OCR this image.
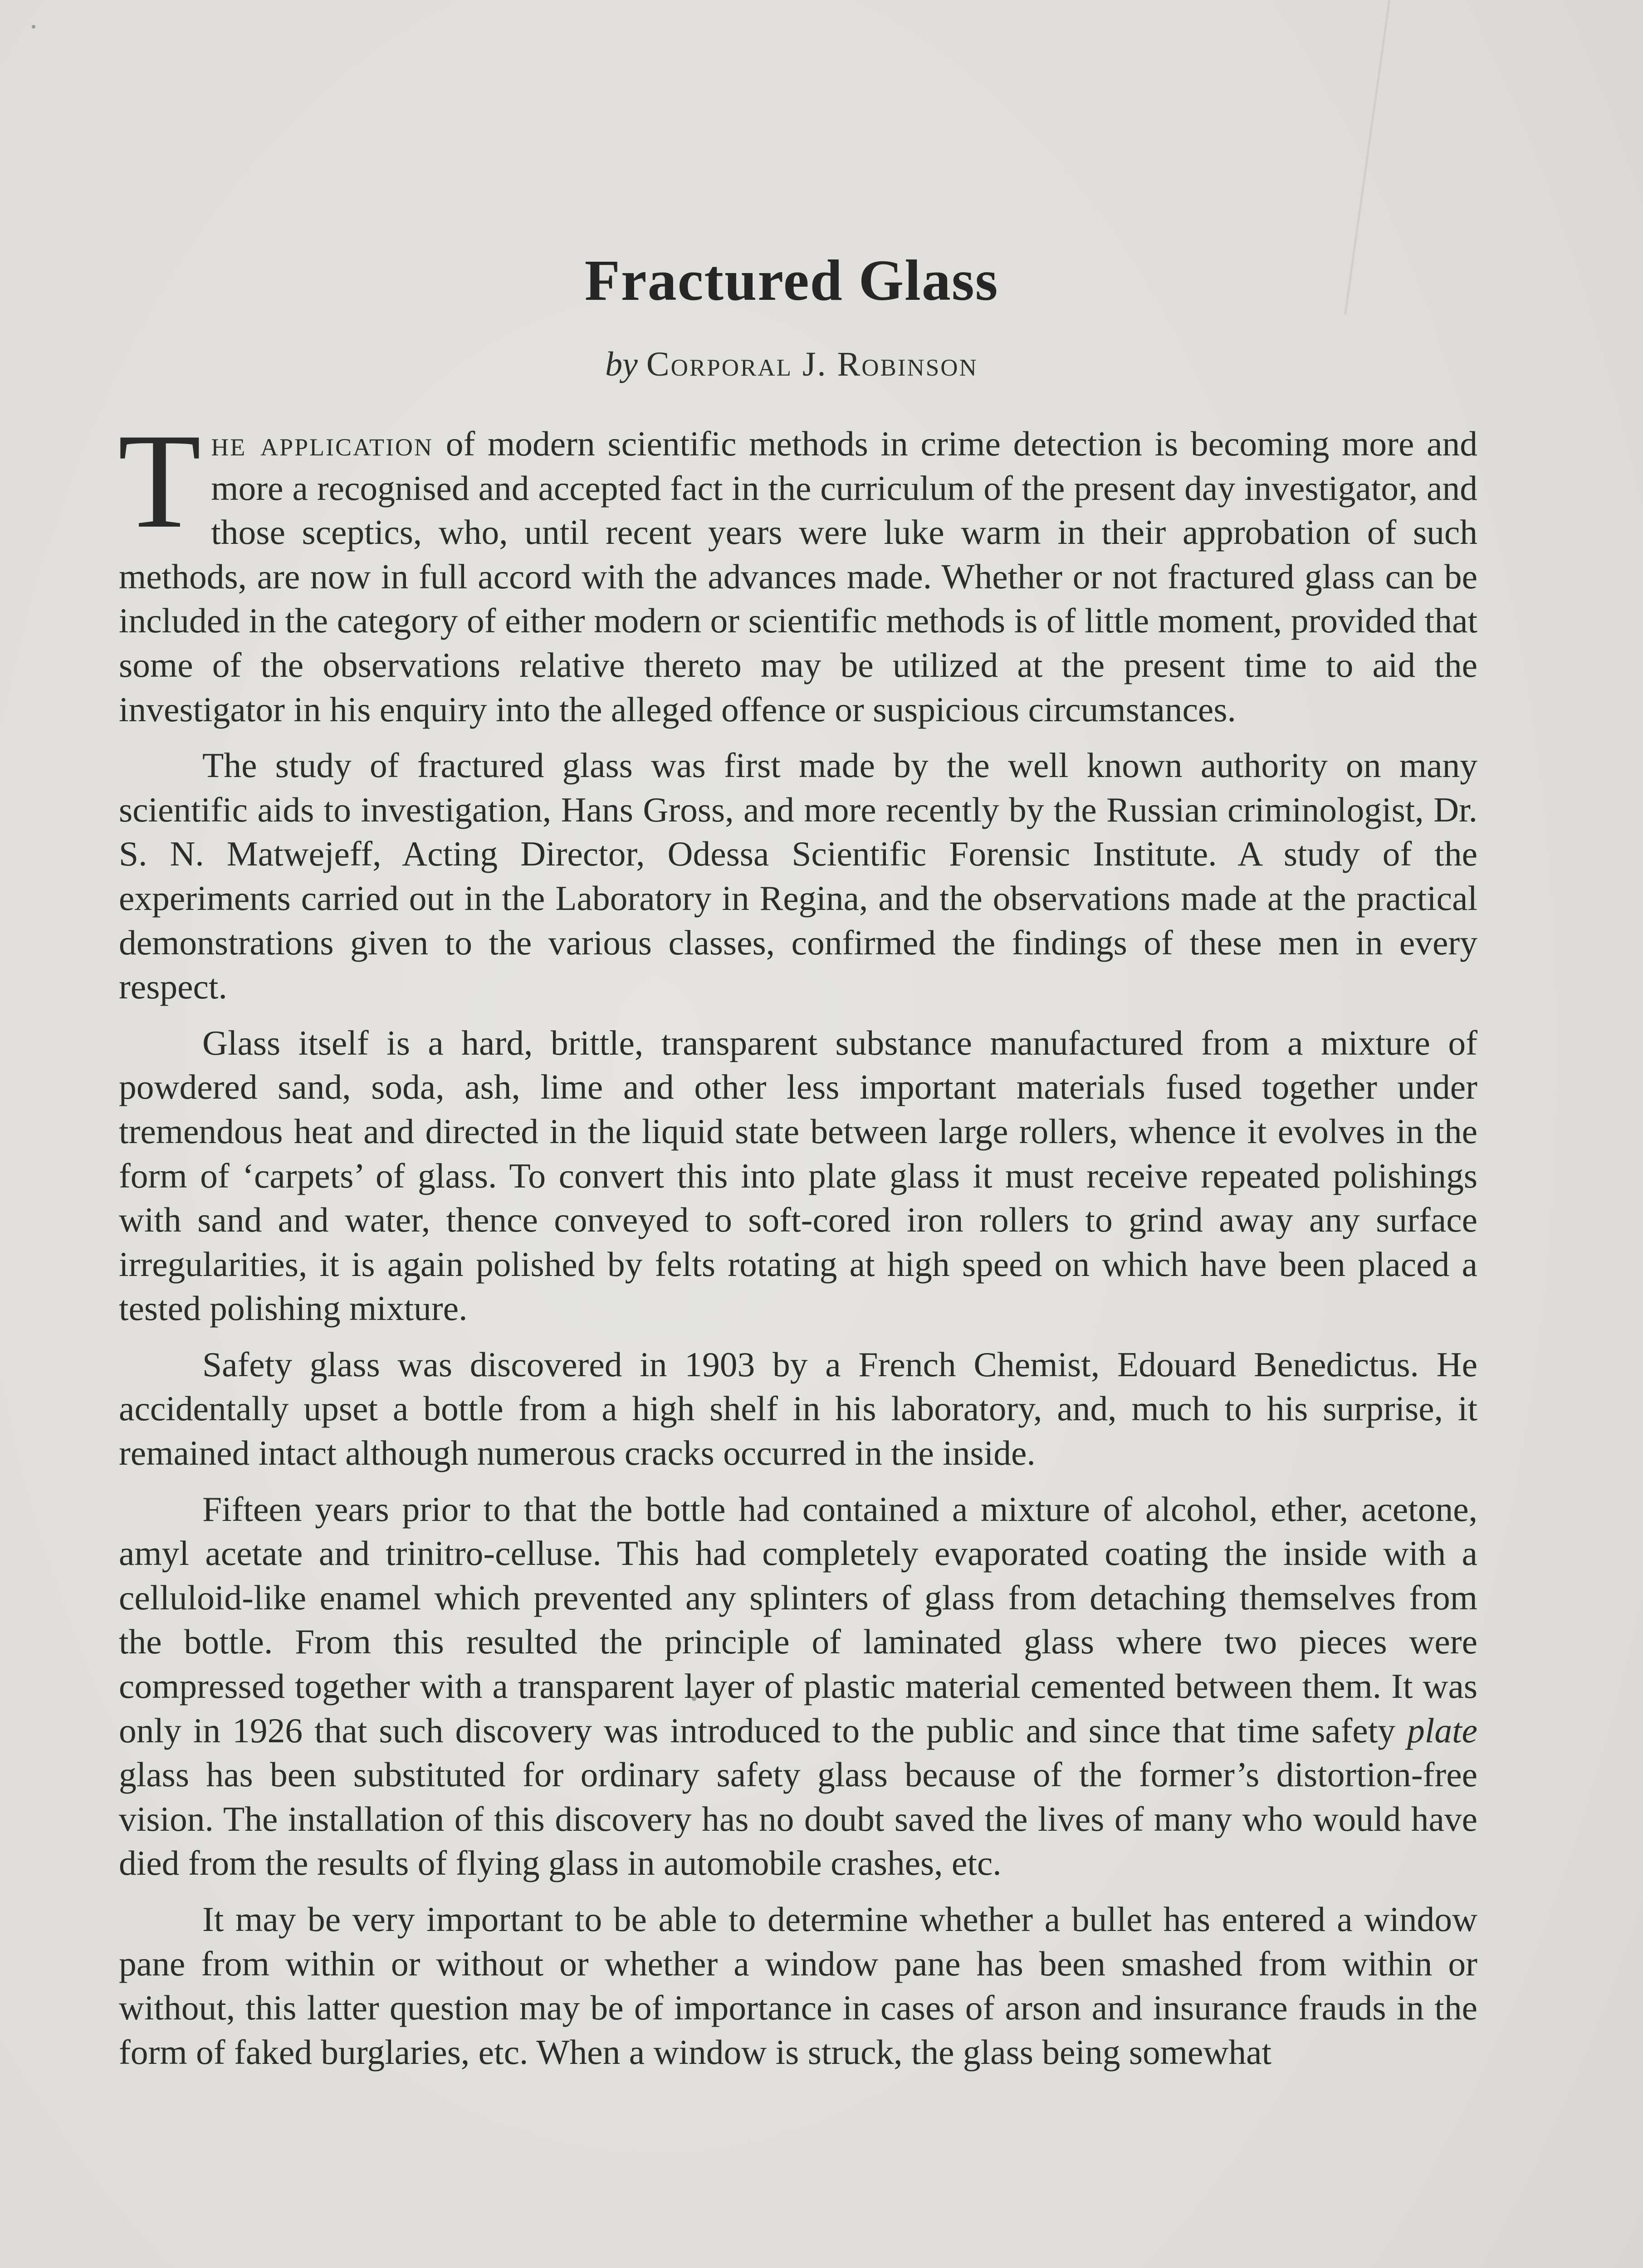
Fractured Glass
by Corporal J. Robinson

The application of modern scientific methods in crime detection is becoming more and more a recognised and accepted fact in the curriculum of the present day investigator, and those sceptics, who, until recent years were luke warm in their approbation of such methods, are now in full accord with the advances made. Whether or not fractured glass can be included in the category of either modern or scientific methods is of little moment, provided that some of the observations relative thereto may be utilized at the present time to aid the investigator in his enquiry into the alleged offence or suspicious circumstances.

The study of fractured glass was first made by the well known authority on many scientific aids to investigation, Hans Gross, and more recently by the Russian criminologist, Dr. S. N. Matwejeff, Acting Director, Odessa Scientific Forensic Institute. A study of the experiments carried out in the Laboratory in Regina, and the observations made at the practical demonstrations given to the various classes, confirmed the findings of these men in every respect.

Glass itself is a hard, brittle, transparent substance manufactured from a mixture of powdered sand, soda, ash, lime and other less important materials fused together under tremendous heat and directed in the liquid state between large rollers, whence it evolves in the form of ‘carpets’ of glass. To convert this into plate glass it must receive repeated polishings with sand and water, thence conveyed to soft-cored iron rollers to grind away any surface irregularities, it is again polished by felts rotating at high speed on which have been placed a tested polishing mixture.

Safety glass was discovered in 1903 by a French Chemist, Edouard Benedictus. He accidentally upset a bottle from a high shelf in his laboratory, and, much to his surprise, it remained intact although numerous cracks occurred in the inside.

Fifteen years prior to that the bottle had contained a mixture of alcohol, ether, acetone, amyl acetate and trinitro-celluse. This had completely evaporated coating the inside with a celluloid-like enamel which prevented any splinters of glass from detaching themselves from the bottle. From this resulted the principle of laminated glass where two pieces were compressed together with a transparent layer of plastic material cemented between them. It was only in 1926 that such discovery was introduced to the public and since that time safety plate glass has been substituted for ordinary safety glass because of the former’s distortion-free vision. The installation of this discovery has no doubt saved the lives of many who would have died from the results of flying glass in automobile crashes, etc.

It may be very important to be able to determine whether a bullet has entered a window pane from within or without or whether a window pane has been smashed from within or without, this latter question may be of importance in cases of arson and insurance frauds in the form of faked burglaries, etc. When a window is struck, the glass being somewhat
